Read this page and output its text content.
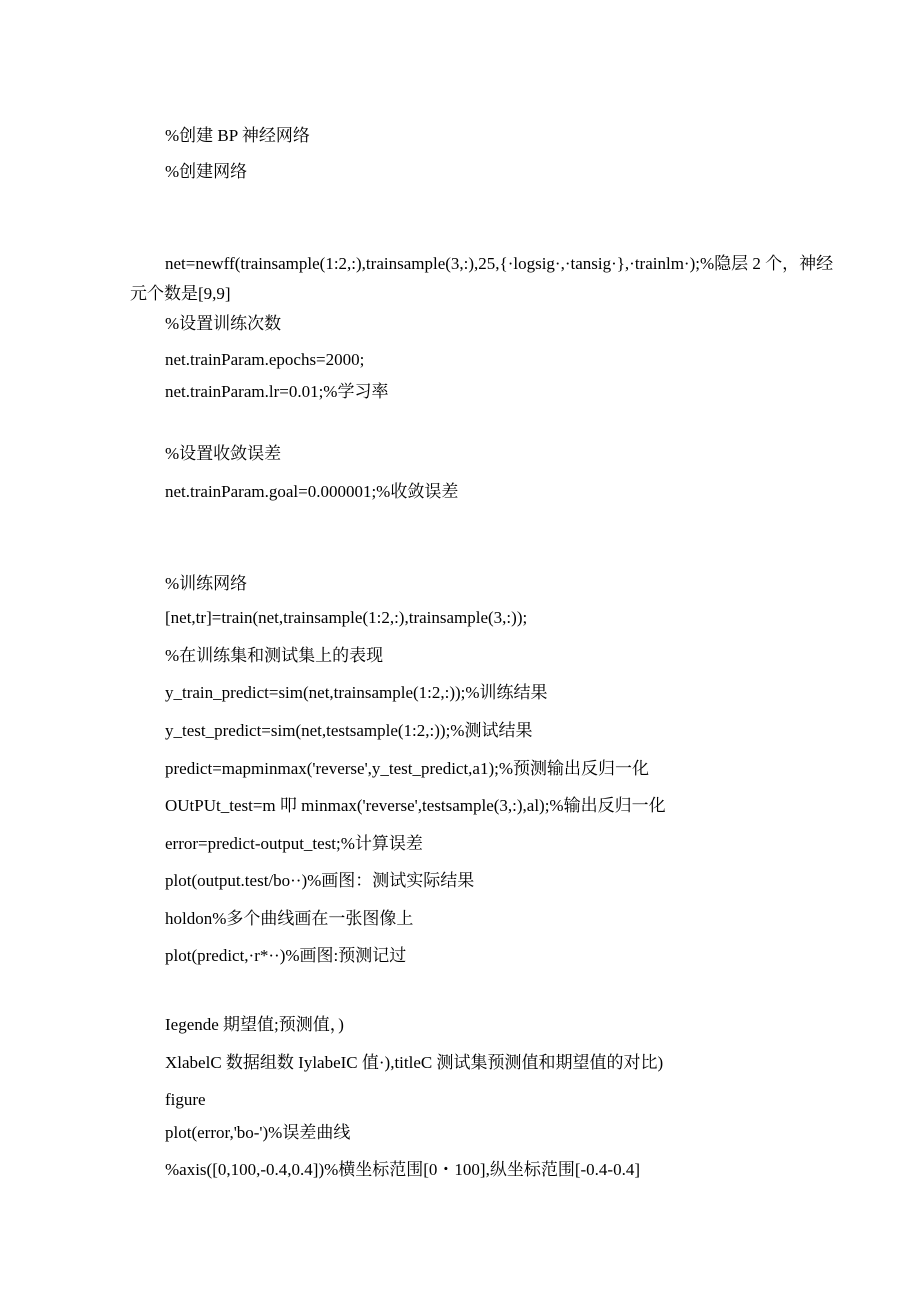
%创建 BP 神经网络
%创建网络
net=newff(trainsample(1:2,:),trainsample(3,:),25,{·logsig·,·tansig·},·trainlm·);%隐层 2 个，神经
元个数是[9,9]
%设置训练次数
net.trainParam.epochs=2000;
net.trainParam.lr=0.01;%学习率
%设置收敛误差
net.trainParam.goal=0.000001;%收敛误差
%训练网络
[net,tr]=train(net,trainsample(1:2,:),trainsample(3,:));
%在训练集和测试集上的表现
y_train_predict=sim(net,trainsample(1:2,:));%训练结果
y_test_predict=sim(net,testsample(1:2,:));%测试结果
predict=mapminmax('reverse',y_test_predict,a1);%预测输出反归一化
OUtPUt_test=m 叩 minmax('reverse',testsample(3,:),al);%输出反归一化
error=predict-output_test;%计算误差
plot(output.test/bo··)%画图：测试实际结果
holdon%多个曲线画在一张图像上
plot(predict,·r*··)%画图:预测记过
Iegende 期望值;预测值，)
XlabelC 数据组数 IylabeIC 值·),titleC 测试集预测值和期望值的对比)
figure
plot(error,'bo-')%误差曲线
%axis([0,100,-0.4,0.4])%横坐标范围[0・100],纵坐标范围[-0.4-0.4]
